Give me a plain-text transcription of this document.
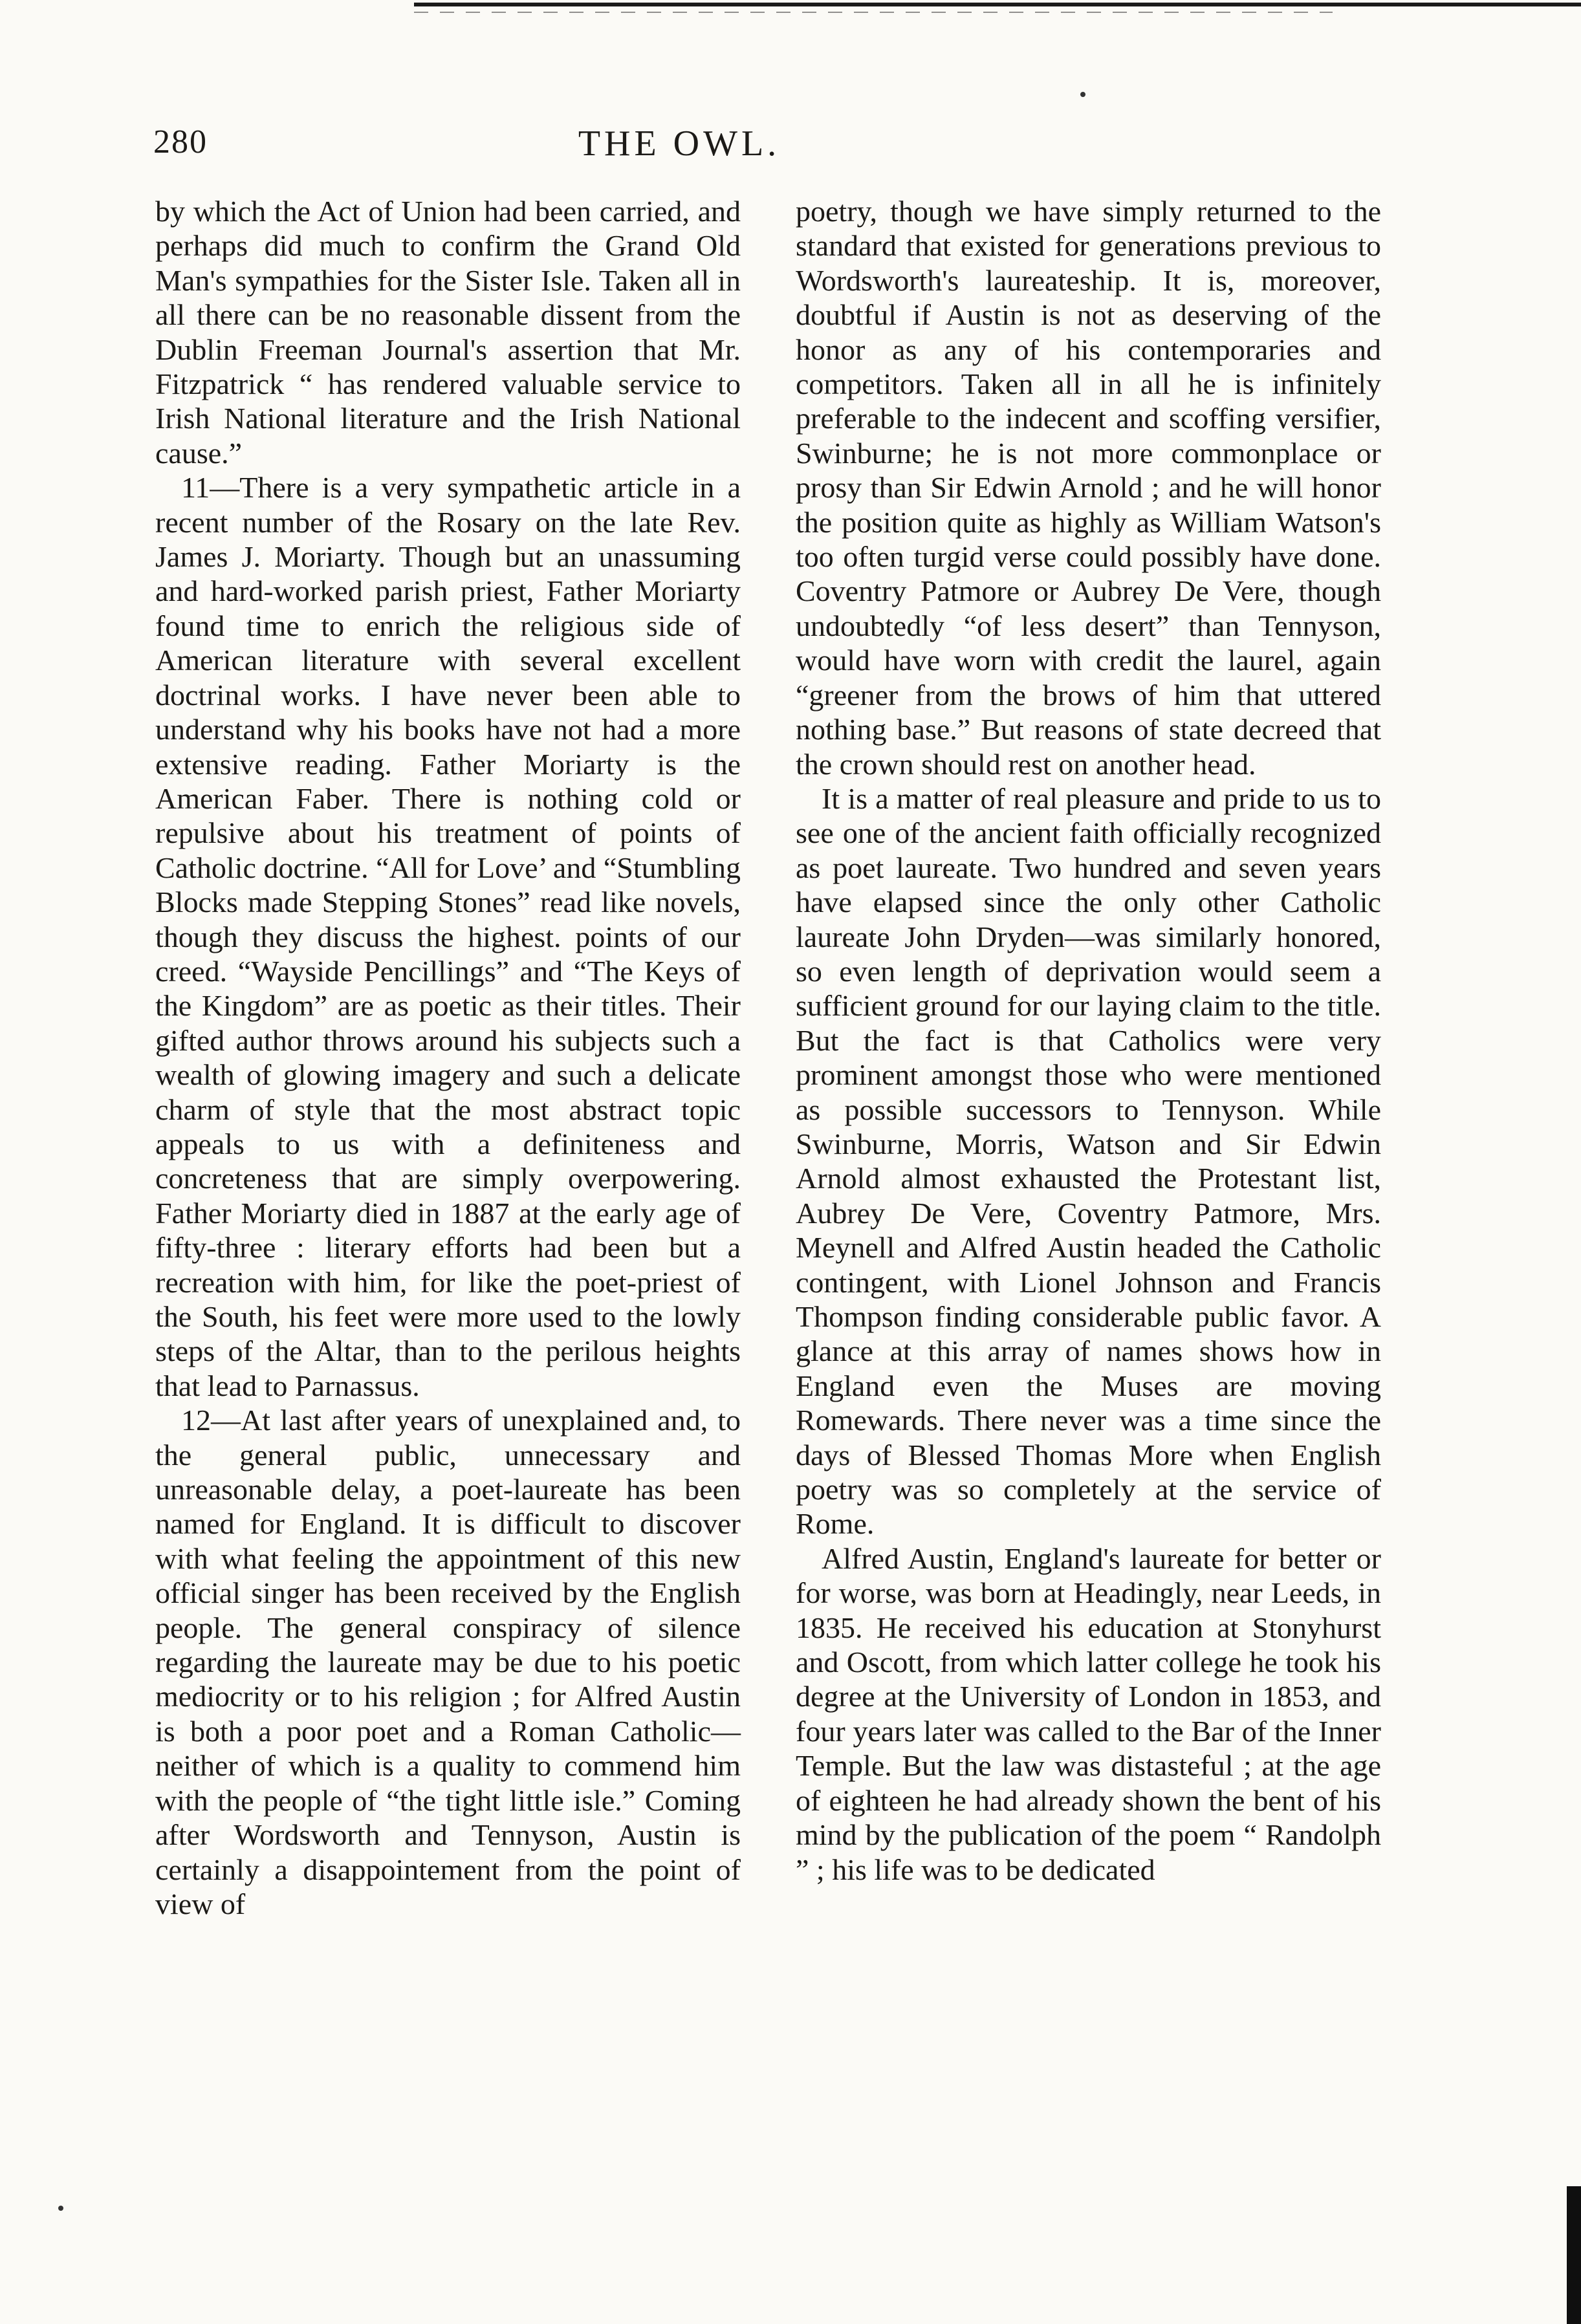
280	THE OWL.

by which the Act of Union had been carried, and perhaps did much to confirm the Grand Old Man's sympathies for the Sister Isle. Taken all in all there can be no reasonable dissent from the Dublin Freeman Journal's assertion that Mr. Fitzpatrick “ has rendered valuable service to Irish National literature and the Irish National cause.”

11—There is a very sympathetic article in a recent number of the Rosary on the late Rev. James J. Moriarty. Though but an unassuming and hard-worked parish priest, Father Moriarty found time to enrich the religious side of American literature with several excellent doctrinal works. I have never been able to understand why his books have not had a more extensive reading. Father Moriarty is the American Faber. There is nothing cold or repulsive about his treatment of points of Catholic doctrine. “All for Love’ and “Stumbling Blocks made Stepping Stones” read like novels, though they discuss the highest. points of our creed. “Wayside Pencillings” and “The Keys of the Kingdom” are as poetic as their titles. Their gifted author throws around his subjects such a wealth of glowing imagery and such a delicate charm of style that the most abstract topic appeals to us with a definiteness and concreteness that are simply overpowering. Father Moriarty died in 1887 at the early age of fifty-three : literary efforts had been but a recreation with him, for like the poet-priest of the South, his feet were more used to the lowly steps of the Altar, than to the perilous heights that lead to Parnassus.

12—At last after years of unexplained and, to the general public, unnecessary and unreasonable delay, a poet-laureate has been named for England. It is difficult to discover with what feeling the appointment of this new official singer has been received by the English people. The general conspiracy of silence regarding the laureate may be due to his poetic mediocrity or to his religion ; for Alfred Austin is both a poor poet and a Roman Catholic—neither of which is a quality to commend him with the people of “the tight little isle.” Coming after Wordsworth and Tennyson, Austin is certainly a disappointement from the point of view of

poetry, though we have simply returned to the standard that existed for generations previous to Wordsworth's laureateship. It is, moreover, doubtful if Austin is not as deserving of the honor as any of his contemporaries and competitors. Taken all in all he is infinitely preferable to the indecent and scoffing versifier, Swinburne; he is not more commonplace or prosy than Sir Edwin Arnold ; and he will honor the position quite as highly as William Watson's too often turgid verse could possibly have done. Coventry Patmore or Aubrey De Vere, though undoubtedly “of less desert” than Tennyson, would have worn with credit the laurel, again “greener from the brows of him that uttered nothing base.” But reasons of state decreed that the crown should rest on another head.

It is a matter of real pleasure and pride to us to see one of the ancient faith officially recognized as poet laureate. Two hundred and seven years have elapsed since the only other Catholic laureate John Dryden—was similarly honored, so even length of deprivation would seem a sufficient ground for our laying claim to the title. But the fact is that Catholics were very prominent amongst those who were mentioned as possible successors to Tennyson. While Swinburne, Morris, Watson and Sir Edwin Arnold almost exhausted the Protestant list, Aubrey De Vere, Coventry Patmore, Mrs. Meynell and Alfred Austin headed the Catholic contingent, with Lionel Johnson and Francis Thompson finding considerable public favor. A glance at this array of names shows how in England even the Muses are moving Romewards. There never was a time since the days of Blessed Thomas More when English poetry was so completely at the service of Rome.

Alfred Austin, England's laureate for better or for worse, was born at Headingly, near Leeds, in 1835. He received his education at Stonyhurst and Oscott, from which latter college he took his degree at the University of London in 1853, and four years later was called to the Bar of the Inner Temple. But the law was distasteful ; at the age of eighteen he had already shown the bent of his mind by the publication of the poem “ Randolph ” ; his life was to be dedicated
